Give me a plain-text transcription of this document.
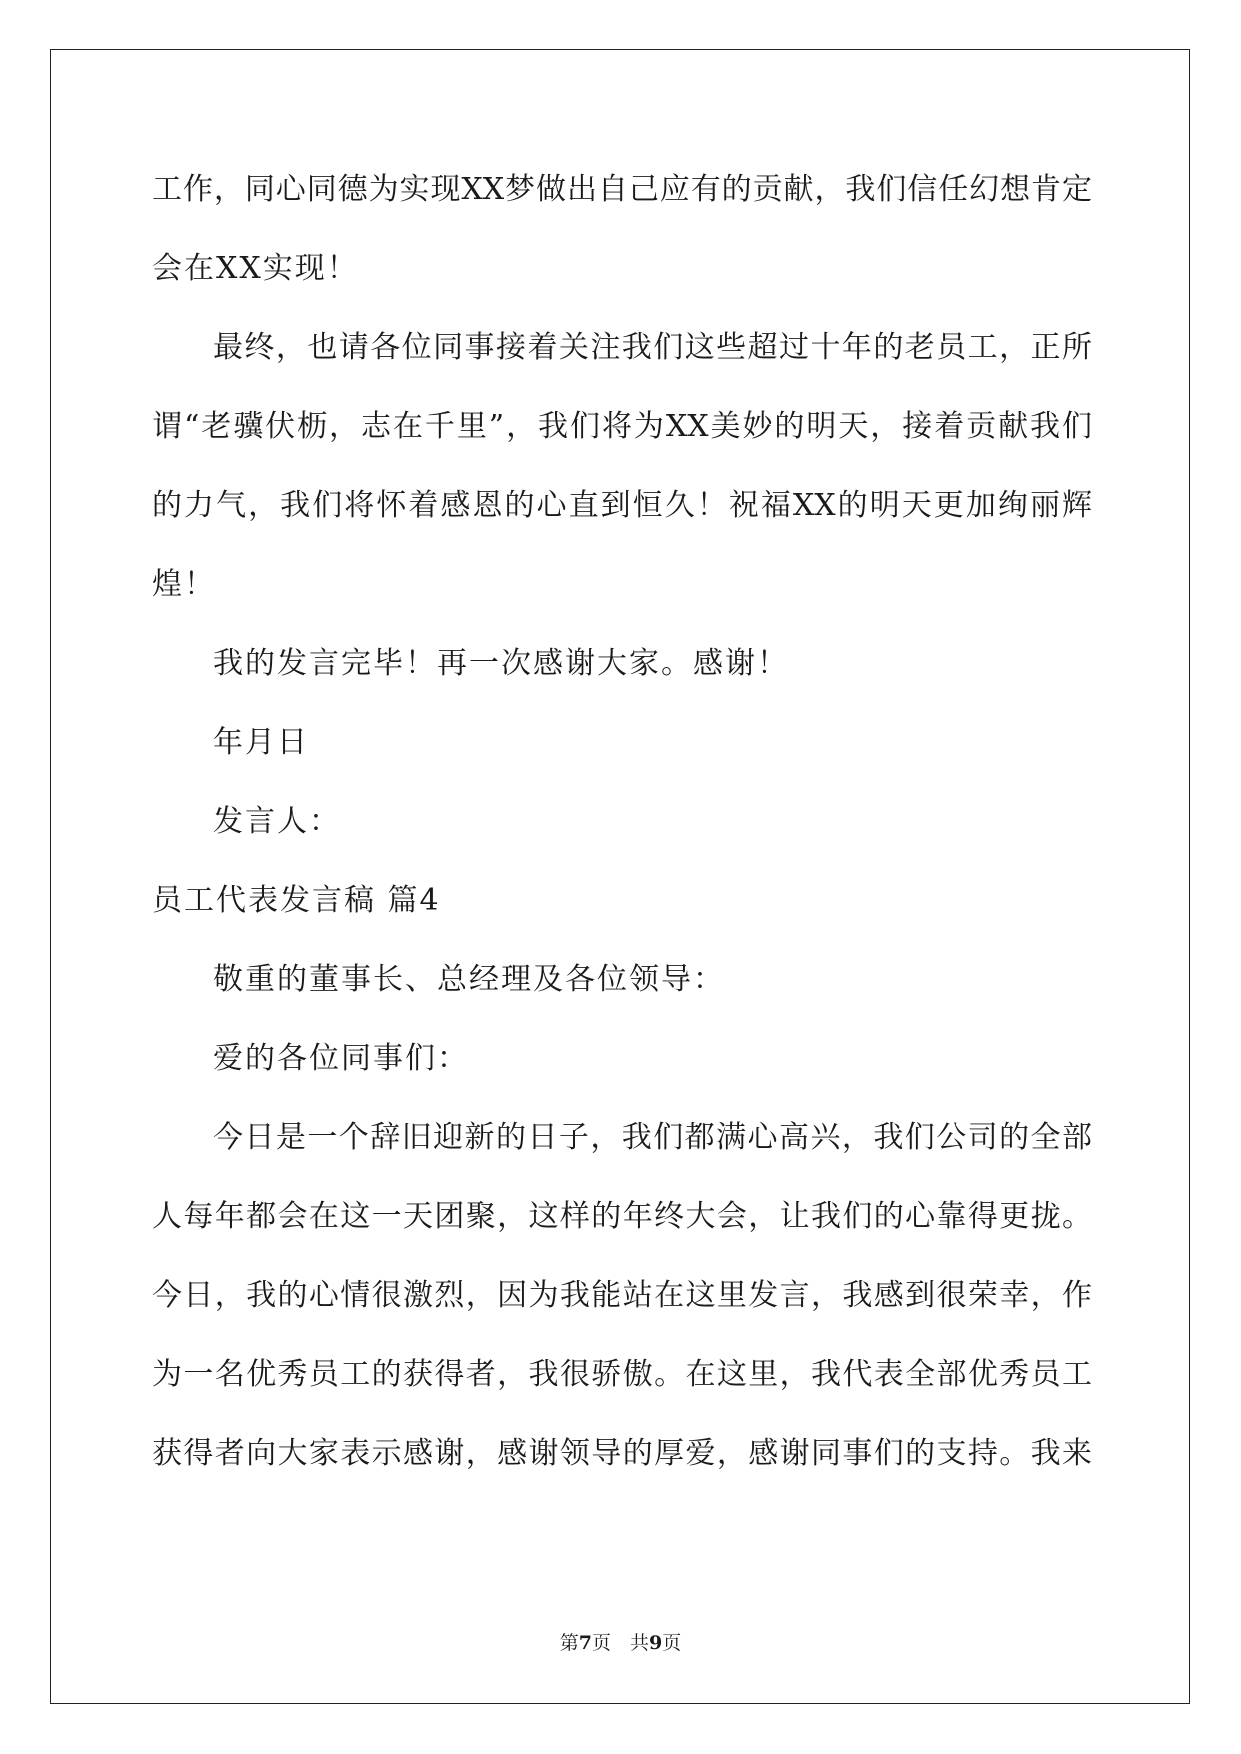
工作，同心同德为实现XX梦做出自己应有的贡献，我们信任幻想肯定
会在XX实现！
最终，也请各位同事接着关注我们这些超过十年的老员工，正所
谓“老骥伏枥，志在千里”，我们将为XX美妙的明天，接着贡献我们
的力气，我们将怀着感恩的心直到恒久！祝福XX的明天更加绚丽辉
煌！
我的发言完毕！再一次感谢大家。感谢！
年月日
发言人：
员工代表发言稿 篇4
敬重的董事长、总经理及各位领导：
爱的各位同事们：
今日是一个辞旧迎新的日子，我们都满心高兴，我们公司的全部
人每年都会在这一天团聚，这样的年终大会，让我们的心靠得更拢。
今日，我的心情很激烈，因为我能站在这里发言，我感到很荣幸，作
为一名优秀员工的获得者，我很骄傲。在这里，我代表全部优秀员工
获得者向大家表示感谢，感谢领导的厚爱，感谢同事们的支持。我来
第7页　共9页
